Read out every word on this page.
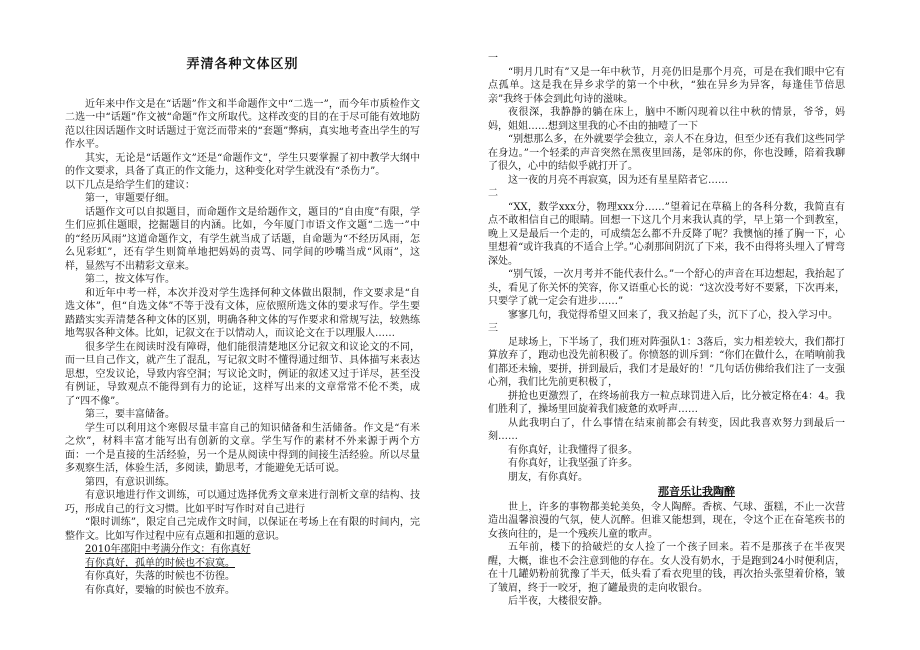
弄清各种文体区别

近年来中作文是在“话题”作文和半命题作文中“二选一”，而今年市质检作文二选一中“话题”作文被“命题”作文所取代。这样改变的目的在于尽可能有效地防范以往因话题作文时话题过于宽泛而带来的“套题”弊病，真实地考查出学生的写作水平。

其实，无论是“话题作文”还是“命题作文”，学生只要掌握了初中教学大纲中的作文要求，具备了真正的作文能力，这种变化对学生就没有“杀伤力”。

以下几点是给学生们的建议：

第一，审题要仔细。

话题作文可以自拟题目，而命题作文是给题作文，题目的“自由度”有限，学生们应抓住题眼，挖掘题目的内涵。比如，今年厦门市语文作文题“二选一”中的“经历风雨”这道命题作文，有学生就当成了话题，自命题为“不经历风雨，怎么见彩虹”，还有学生则简单地把妈妈的责骂、同学间的吵嘴当成“风雨”，这样，显然写不出精彩文章来。

第二，按文体写作。

和近年中考一样，本次并没对学生选择何种文体做出限制，作文要求是“自选文体”，但“自选文体”不等于没有文体，应依照所选文体的要求写作。学生要踏踏实实弄清楚各种文体的区别，明确各种文体的写作要求和常规写法，较熟练地驾驭各种文体。比如，记叙文在于以情动人，而议论文在于以理服人……

很多学生在阅读时没有障碍，他们能很清楚地区分记叙文和议论文的不同，而一旦自己作文，就产生了混乱，写记叙文时不懂得通过细节、具体描写来表达思想，空发议论，导致内容空洞；写议论文时，例证的叙述又过于详尽，甚至没有例证，导致观点不能得到有力的论证，这样写出来的文章常常不伦不类，成了“四不像”。

第三，要丰富储备。

学生可以利用这个寒假尽量丰富自己的知识储备和生活储备。作文是“有米之炊”，材料丰富才能写出有创新的文章。学生写作的素材不外来源于两个方面：一个是直接的生活经验，另一个是从阅读中得到的间接生活经验。所以尽量多观察生活，体验生活，多阅读，勤思考，才能避免无话可说。

第四，有意识训练。

有意识地进行作文训练，可以通过选择优秀文章来进行剖析文章的结构、技巧，形成自己的行文习惯。比如平时写作时对自己进行

“限时训练”，限定自己完成作文时间，以保证在考场上在有限的时间内，完整作文。比如写作过程中应有点题和扣题的意识。

2010年邵阳中考满分作文：有你真好

有你真好，孤单的时候也不寂寞。

有你真好，失落的时候也不彷徨。

有你真好，要输的时候也不放弃。

一

“明月几时有”又是一年中秋节，月亮仍旧是那个月亮，可是在我们眼中它有点孤单。这是我在异乡求学的第一个中秋，“独在异乡为异客，每逢佳节倍思亲”我终于体会到此句诗的滋味。

夜很深，我静静的躺在床上，脑中不断闪现着以往中秋的情景，爷爷，妈妈，姐姐……想到这里我的心不由的抽噎了一下

“别想那么多，在外就要学会独立，亲人不在身边，但至少还有我们这些同学在身边。”一个轻柔的声音突然在黑夜里回荡，是邻床的你，你也没睡，陪着我聊了很久，心中的结似乎就打开了。

这一夜的月亮不再寂寞，因为还有星星陪者它……

二

“XX，数学xxx分，物理xxx分……”望着记在草稿上的各科分数，我简直有点不敢相信自己的眼睛。回想一下这几个月来我认真的学，早上第一个到教室，晚上又是最后一个走的，可成绩怎么都不升反降了呢？我懊恼的捶了胸一下，心里想着“或许我真的不适合上学。”心刹那间阴沉了下来，我不由得将头埋入了臂弯深处。

“别气馁，一次月考并不能代表什么。”一个舒心的声音在耳边想起，我抬起了头，看见了你关怀的笑容，你又语重心长的说：“这次没考好不要紧，下次再来，只要学了就一定会有进步……”

寥寥几句，我觉得希望又回来了，我又抬起了头，沉下了心，投入学习中。

三

足球场上，下半场了，我们班对阵强队1：3落后，实力相差较大，我们都打算放弃了，跑动也没先前积极了。你愤怒的训斥到：“你们在做什么，在哨响前我们都还未输，要拼，拼到最后，我们才是最好的！”几句话仿佛给我们注了一支强心剂，我们比先前更积极了，

拼抢也更激烈了，在终场前我方一粒点球罚进入后，比分被定格在4：4。我们胜利了，操场里回旋着我们疲惫的欢呼声……

从此我明白了，什么事情在结束前都会有转变，因此我喜欢努力到最后一刻……

有你真好，让我懂得了很多。

有你真好，让我坚强了许多。

朋友，有你真好。

那音乐让我陶醉

世上，许多的事物都美轮美奂，令人陶醉。香槟、气球、蛋糕，不止一次营造出温馨浪漫的气氛，使人沉醉。但谁又能想到，现在，令这个正在奋笔疾书的女孩向往的，是一个残疾儿童的歌声。

五年前，楼下的拾破烂的女人捡了一个孩子回来。若不是那孩子在半夜哭醒，大概，谁也不会注意到他的存在。女人没有奶水，于是跑到24小时便利店，在十几罐奶粉前犹豫了半天，低头看了看衣兜里的钱，再次抬头张望着价格，皱了皱眉，终于一咬牙，抱了罐最贵的走向收银台。

后半夜，大楼很安静。
